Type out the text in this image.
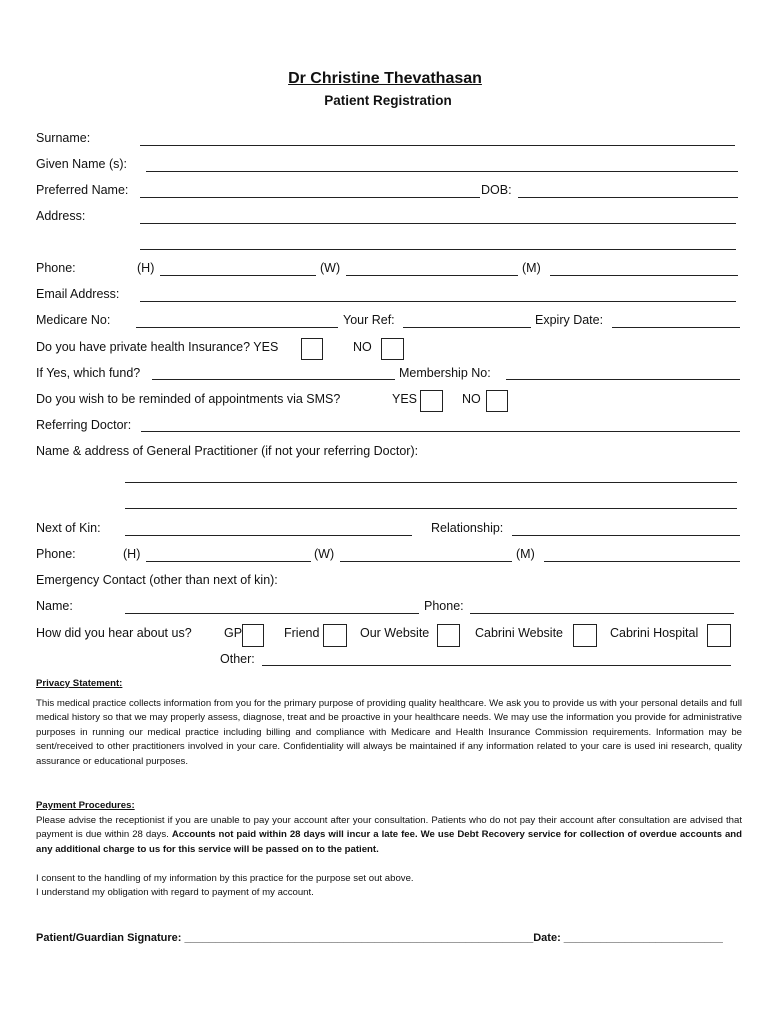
Dr Christine Thevathasan
Patient Registration
Surname:
Given Name (s):
Preferred Name:	DOB:
Address:
Phone:	(H)	(W)	(M)
Email Address:
Medicare No:	Your Ref:	Expiry Date:
Do you have private health Insurance? YES	NO
If Yes, which fund?	Membership No:
Do you wish to be reminded of appointments via SMS?	YES	NO
Referring Doctor:
Name & address of General Practitioner (if not your referring Doctor):
Next of Kin:	Relationship:
Phone:	(H)	(W)	(M)
Emergency Contact (other than next of kin):
Name:	Phone:
How did you hear about us?	GP	Friend	Our Website	Cabrini Website	Cabrini Hospital
Other:
Privacy Statement:
This medical practice collects information from you for the primary purpose of providing quality healthcare. We ask you to provide us with your personal details and full medical history so that we may properly assess, diagnose, treat and be proactive in your healthcare needs. We may use the information you provide for administrative purposes in running our medical practice including billing and compliance with Medicare and Health Insurance Commission requirements. Information may be sent/received to other practitioners involved in your care. Confidentiality will always be maintained if any information related to your care is used ini research, quality assurance or educational purposes.
Payment Procedures:
Please advise the receptionist if you are unable to pay your account after your consultation. Patients who do not pay their account after consultation are advised that payment is due within 28 days. Accounts not paid within 28 days will incur a late fee. We use Debt Recovery service for collection of overdue accounts and any additional charge to us for this service will be passed on to the patient.
I consent to the handling of my information by this practice for the purpose set out above.
I understand my obligation with regard to payment of my account.
Patient/Guardian Signature: _________________________________________________________Date: __________________________
